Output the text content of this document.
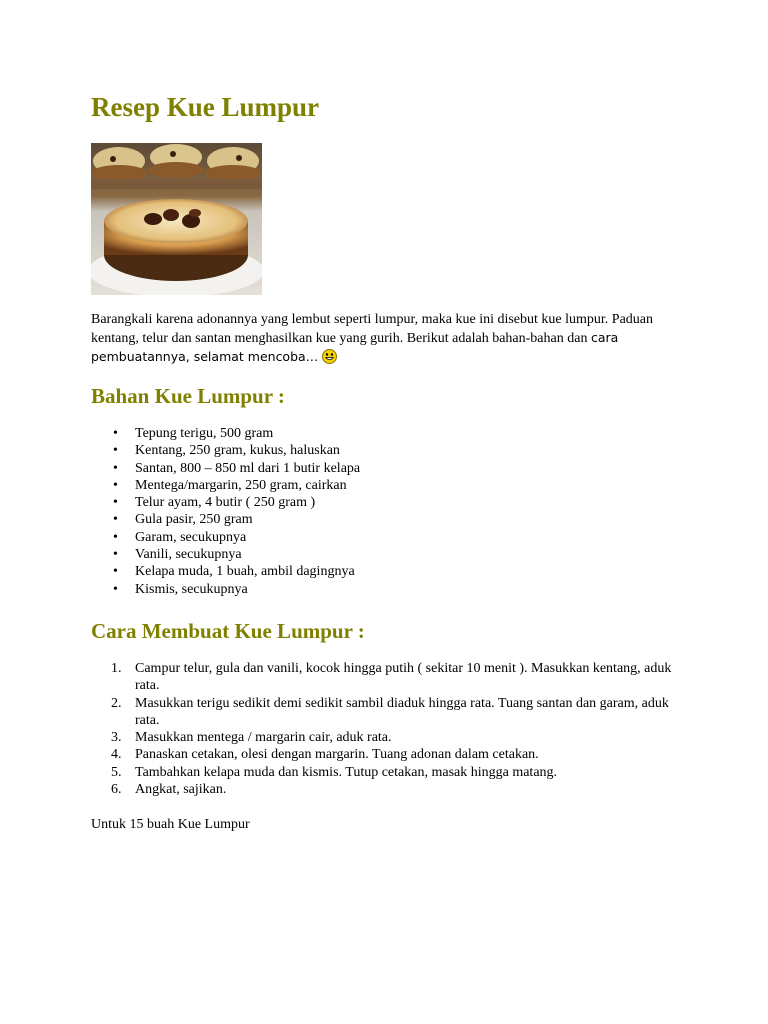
Resep Kue Lumpur

Barangkali karena adonannya yang lembut seperti lumpur, maka kue ini disebut kue lumpur. Paduan kentang, telur dan santan menghasilkan kue yang gurih. Berikut adalah bahan-bahan dan cara pembuatannya, selamat mencoba…

Bahan Kue Lumpur :
• Tepung terigu, 500 gram
• Kentang, 250 gram, kukus, haluskan
• Santan, 800 – 850 ml dari 1 butir kelapa
• Mentega/margarin, 250 gram, cairkan
• Telur ayam, 4 butir ( 250 gram )
• Gula pasir, 250 gram
• Garam, secukupnya
• Vanili, secukupnya
• Kelapa muda, 1 buah, ambil dagingnya
• Kismis, secukupnya
Cara Membuat Kue Lumpur :
1. Campur telur, gula dan vanili, kocok hingga putih ( sekitar 10 menit ). Masukkan kentang, aduk rata.
2. Masukkan terigu sedikit demi sedikit sambil diaduk hingga rata. Tuang santan dan garam, aduk rata.
3. Masukkan mentega / margarin cair, aduk rata.
4. Panaskan cetakan, olesi dengan margarin. Tuang adonan dalam cetakan.
5. Tambahkan kelapa muda dan kismis. Tutup cetakan, masak hingga matang.
6. Angkat, sajikan.

Untuk 15 buah Kue Lumpur
